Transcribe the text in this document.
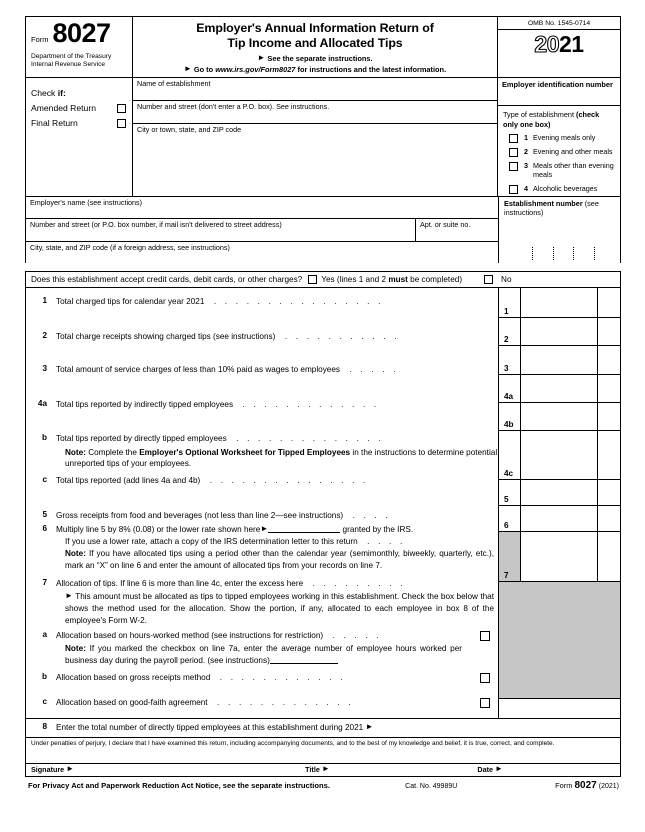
Form 8027
Department of the Treasury
Internal Revenue Service
Employer's Annual Information Return of
Tip Income and Allocated Tips
► See the separate instructions.
► Go to www.irs.gov/Form8027 for instructions and the latest information.
OMB No. 1545-0714
2021
Check if:
Amended Return
Final Return
Name of establishment
Number and street (don't enter a P.O. box). See instructions.
City or town, state, and ZIP code
Employer identification number
Type of establishment (check only one box)
1 Evening meals only
2 Evening and other meals
3 Meals other than evening meals
4 Alcoholic beverages
Employer's name (see instructions)
Number and street (or P.O. box number, if mail isn't delivered to street address)	Apt. or suite no.
City, state, and ZIP code (if a foreign address, see instructions)
Establishment number (see instructions)
Does this establishment accept credit cards, debit cards, or other charges? Yes (lines 1 and 2 must be completed)	No
1	Total charged tips for calendar year 2021 . . . . . . . . . . . . . . . .
2	Total charge receipts showing charged tips (see instructions) . . . . . . . . . . .
3	Total amount of service charges of less than 10% paid as wages to employees . . . . .
4a	Total tips reported by indirectly tipped employees . . . . . . . . . . . . .
b	Total tips reported by directly tipped employees . . . . . . . . . . . . . .
Note: Complete the Employer's Optional Worksheet for Tipped Employees in the instructions to determine potential unreported tips of your employees.
c	Total tips reported (add lines 4a and 4b) . . . . . . . . . . . . . . .
5	Gross receipts from food and beverages (not less than line 2—see instructions) . . . .
6	Multiply line 5 by 8% (0.08) or the lower rate shown here►	granted by the IRS.
If you use a lower rate, attach a copy of the IRS determination letter to this return . . . .
Note: If you have allocated tips using a period other than the calendar year (semimonthly, biweekly, quarterly, etc.), mark an “X” on line 6 and enter the amount of allocated tips from your records on line 7.
7	Allocation of tips. If line 6 is more than line 4c, enter the excess here . . . . . . . . .
► This amount must be allocated as tips to tipped employees working in this establishment. Check the box below that shows the method used for the allocation. Show the portion, if any, allocated to each employee in box 8 of the employee's Form W-2.
a	Allocation based on hours-worked method (see instructions for restriction) . . . . .
Note: If you marked the checkbox on line 7a, enter the average number of employee hours worked per business day during the payroll period. (see instructions)
b	Allocation based on gross receipts method . . . . . . . . . . . .
c	Allocation based on good-faith agreement . . . . . . . . . . . . .
1
2
3
4a
4b
4c
5
6
7
8	Enter the total number of directly tipped employees at this establishment during 2021 ►
Under penalties of perjury, I declare that I have examined this return, including accompanying documents, and to the best of my knowledge and belief, it is true, correct, and complete.
Signature ►	Title ►	Date ►
For Privacy Act and Paperwork Reduction Act Notice, see the separate instructions.	Cat. No. 49989U	Form 8027 (2021)
